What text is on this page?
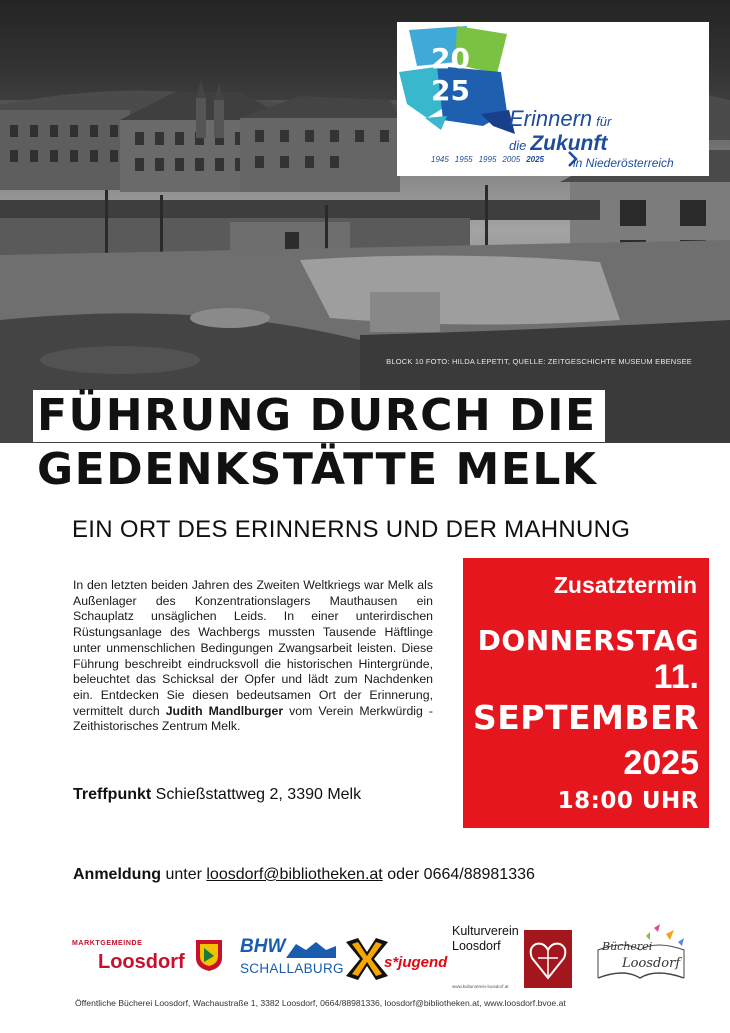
BLOCK 10 FOTO: HILDA LEPETIT, QUELLE: ZEITGESCHICHTE MUSEUM EBENSEE
20
25
Erinnern für
die Zukunft
1945 1955 1995 2005 2025	in Niederösterreich
FÜHRUNG DURCH DIE
GEDENKSTÄTTE MELK
EIN ORT DES ERINNERNS UND DER MAHNUNG

In den letzten beiden Jahren des Zweiten Weltkriegs war Melk als Außenlager des Konzentrationslagers Mauthausen ein Schauplatz unsäglichen Leids. In einer unterirdischen Rüstungsanlage des Wachbergs mussten Tausende Häftlinge unter unmenschlichen Bedingungen Zwangsarbeit leisten. Diese Führung beschreibt eindrucksvoll die historischen Hintergründe, beleuchtet das Schicksal der Opfer und lädt zum Nachdenken ein. Entdecken Sie diesen bedeutsamen Ort der Erinnerung, vermittelt durch Judith Mandlburger vom Verein Merkwürdig - Zeithistorisches Zentrum Melk.

Treffpunkt Schießstattweg 2, 3390 Melk
Zusatztermin
DONNERSTAG
11.
SEPTEMBER
2025
18:00 UHR
Anmeldung unter loosdorf@bibliotheken.at oder 0664/88981336
MARKTGEMEINDE
Loosdorf
BHW
SCHALLABURG	s*jugend
Kulturverein
Loosdorf
www.kulturverein-loosdorf.at
Bücherei
Loosdorf
Öffentliche Bücherei Loosdorf, Wachaustraße 1, 3382 Loosdorf, 0664/88981336, loosdorf@bibliotheken.at, www.loosdorf.bvoe.at
